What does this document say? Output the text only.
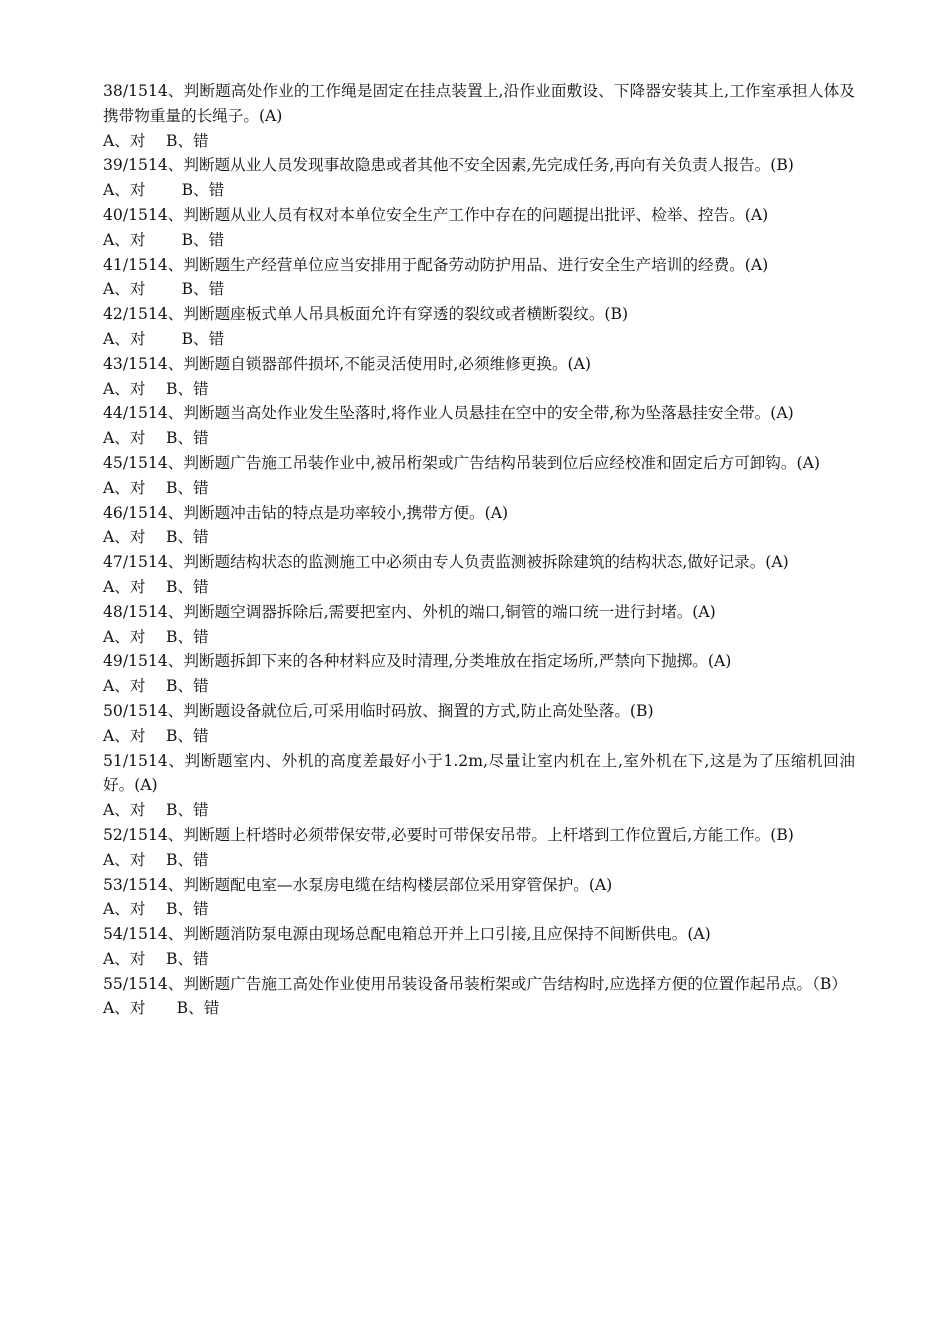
38/1514、判断题高处作业的工作绳是固定在挂点装置上,沿作业面敷设、下降器安装其上,工作室承担人体及携带物重量的长绳子。(A)

A、对　 B、错

39/1514、判断题从业人员发现事故隐患或者其他不安全因素,先完成任务,再向有关负责人报告。(B)

A、对　　 B、错

40/1514、判断题从业人员有权对本单位安全生产工作中存在的问题提出批评、检举、控告。(A)

A、对　　 B、错

41/1514、判断题生产经营单位应当安排用于配备劳动防护用品、进行安全生产培训的经费。(A)

A、对　　 B、错

42/1514、判断题座板式单人吊具板面允许有穿透的裂纹或者横断裂纹。(B)

A、对　　 B、错

43/1514、判断题自锁器部件损坏,不能灵活使用时,必须维修更换。(A)

A、对　 B、错

44/1514、判断题当高处作业发生坠落时,将作业人员悬挂在空中的安全带,称为坠落悬挂安全带。(A)

A、对　 B、错

45/1514、判断题广告施工吊装作业中,被吊桁架或广告结构吊装到位后应经校准和固定后方可卸钩。(A)

A、对　 B、错

46/1514、判断题冲击钻的特点是功率较小,携带方便。(A)

A、对　 B、错

47/1514、判断题结构状态的监测施工中必须由专人负责监测被拆除建筑的结构状态,做好记录。(A)

A、对　 B、错

48/1514、判断题空调器拆除后,需要把室内、外机的端口,铜管的端口统一进行封堵。(A)

A、对　 B、错

49/1514、判断题拆卸下来的各种材料应及时清理,分类堆放在指定场所,严禁向下抛掷。(A)

A、对　 B、错

50/1514、判断题设备就位后,可采用临时码放、搁置的方式,防止高处坠落。(B)

A、对　 B、错

51/1514、判断题室内、外机的高度差最好小于1.2m,尽量让室内机在上,室外机在下,这是为了压缩机回油好。(A)

A、对　 B、错

52/1514、判断题上杆塔时必须带保安带,必要时可带保安吊带。上杆塔到工作位置后,方能工作。(B)

A、对　 B、错

53/1514、判断题配电室—水泵房电缆在结构楼层部位采用穿管保护。(A)

A、对　 B、错

54/1514、判断题消防泵电源由现场总配电箱总开并上口引接,且应保持不间断供电。(A)

A、对　 B、错

55/1514、判断题广告施工高处作业使用吊装设备吊装桁架或广告结构时,应选择方便的位置作起吊点。（B）

A、对　　B、错
